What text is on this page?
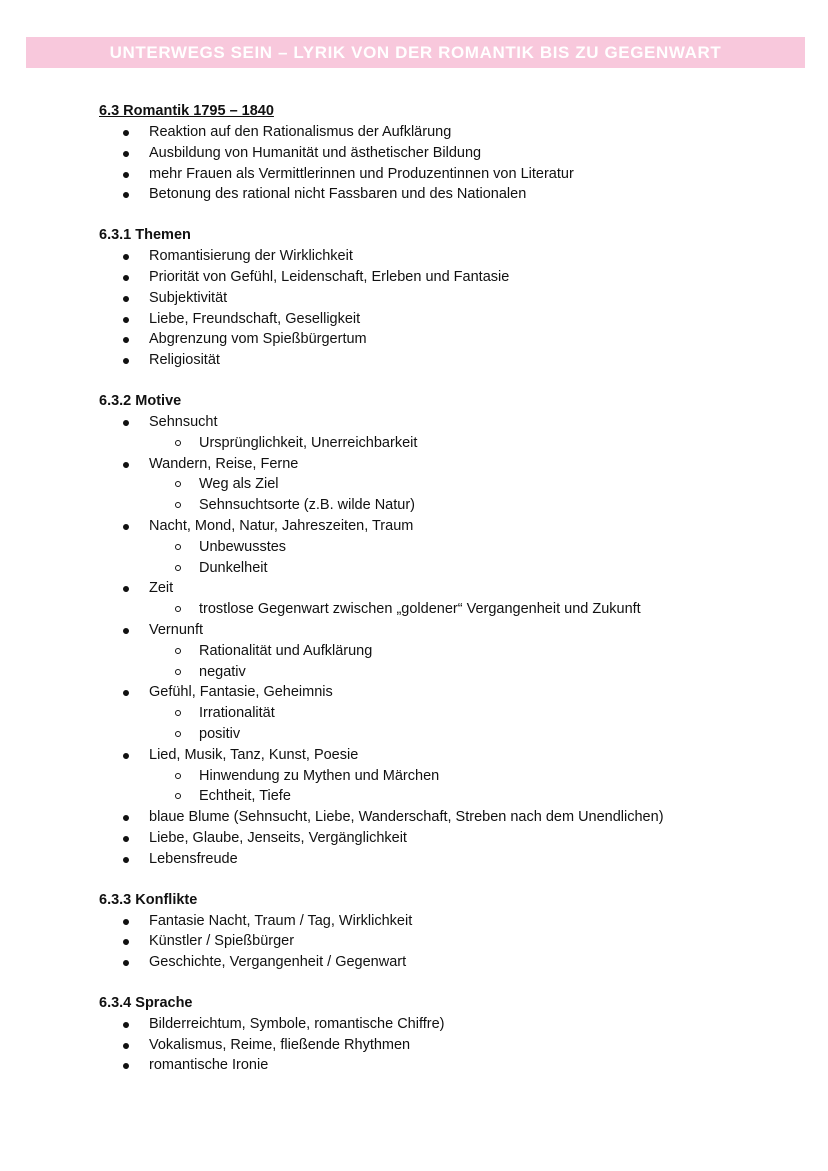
UNTERWEGS SEIN – LYRIK VON DER ROMANTIK BIS ZU GEGENWART
6.3 Romantik 1795 – 1840
Reaktion auf den Rationalismus der Aufklärung
Ausbildung von Humanität und ästhetischer Bildung
mehr Frauen als Vermittlerinnen und Produzentinnen von Literatur
Betonung des rational nicht Fassbaren und des Nationalen
6.3.1 Themen
Romantisierung der Wirklichkeit
Priorität von Gefühl, Leidenschaft, Erleben und Fantasie
Subjektivität
Liebe, Freundschaft, Geselligkeit
Abgrenzung vom Spießbürgertum
Religiosität
6.3.2 Motive
Sehnsucht
Ursprünglichkeit, Unerreichbarkeit
Wandern, Reise, Ferne
Weg als Ziel
Sehnsuchtsorte (z.B. wilde Natur)
Nacht, Mond, Natur, Jahreszeiten, Traum
Unbewusstes
Dunkelheit
Zeit
trostlose Gegenwart zwischen „goldener“ Vergangenheit und Zukunft
Vernunft
Rationalität und Aufklärung
negativ
Gefühl, Fantasie, Geheimnis
Irrationalität
positiv
Lied, Musik, Tanz, Kunst, Poesie
Hinwendung zu Mythen und Märchen
Echtheit, Tiefe
blaue Blume (Sehnsucht, Liebe, Wanderschaft, Streben nach dem Unendlichen)
Liebe, Glaube, Jenseits, Vergänglichkeit
Lebensfreude
6.3.3 Konflikte
Fantasie Nacht, Traum / Tag, Wirklichkeit
Künstler / Spießbürger
Geschichte, Vergangenheit / Gegenwart
6.3.4 Sprache
Bilderreichtum, Symbole, romantische Chiffre)
Vokalismus, Reime, fließende Rhythmen
romantische Ironie
